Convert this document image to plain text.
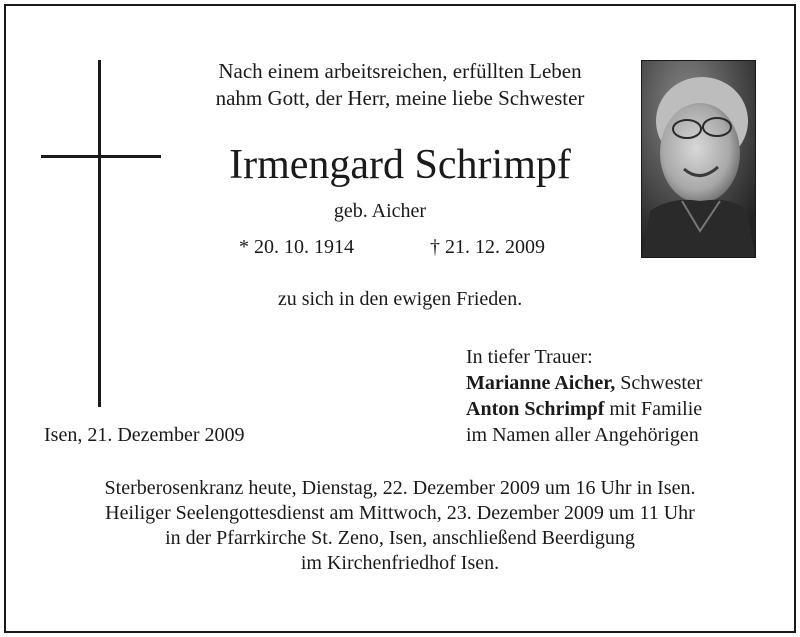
Nach einem arbeitsreichen, erfüllten Leben
nahm Gott, der Herr, meine liebe Schwester
Irmengard Schrimpf
geb. Aicher
* 20. 10. 1914	† 21. 12. 2009
zu sich in den ewigen Frieden.
In tiefer Trauer:
Marianne Aicher, Schwester
Anton Schrimpf mit Familie
im Namen aller Angehörigen
Isen, 21. Dezember 2009
Sterberosenkranz heute, Dienstag, 22. Dezember 2009 um 16 Uhr in Isen.
Heiliger Seelengottesdienst am Mittwoch, 23. Dezember 2009 um 11 Uhr
in der Pfarrkirche St. Zeno, Isen, anschließend Beerdigung
im Kirchenfriedhof Isen.
